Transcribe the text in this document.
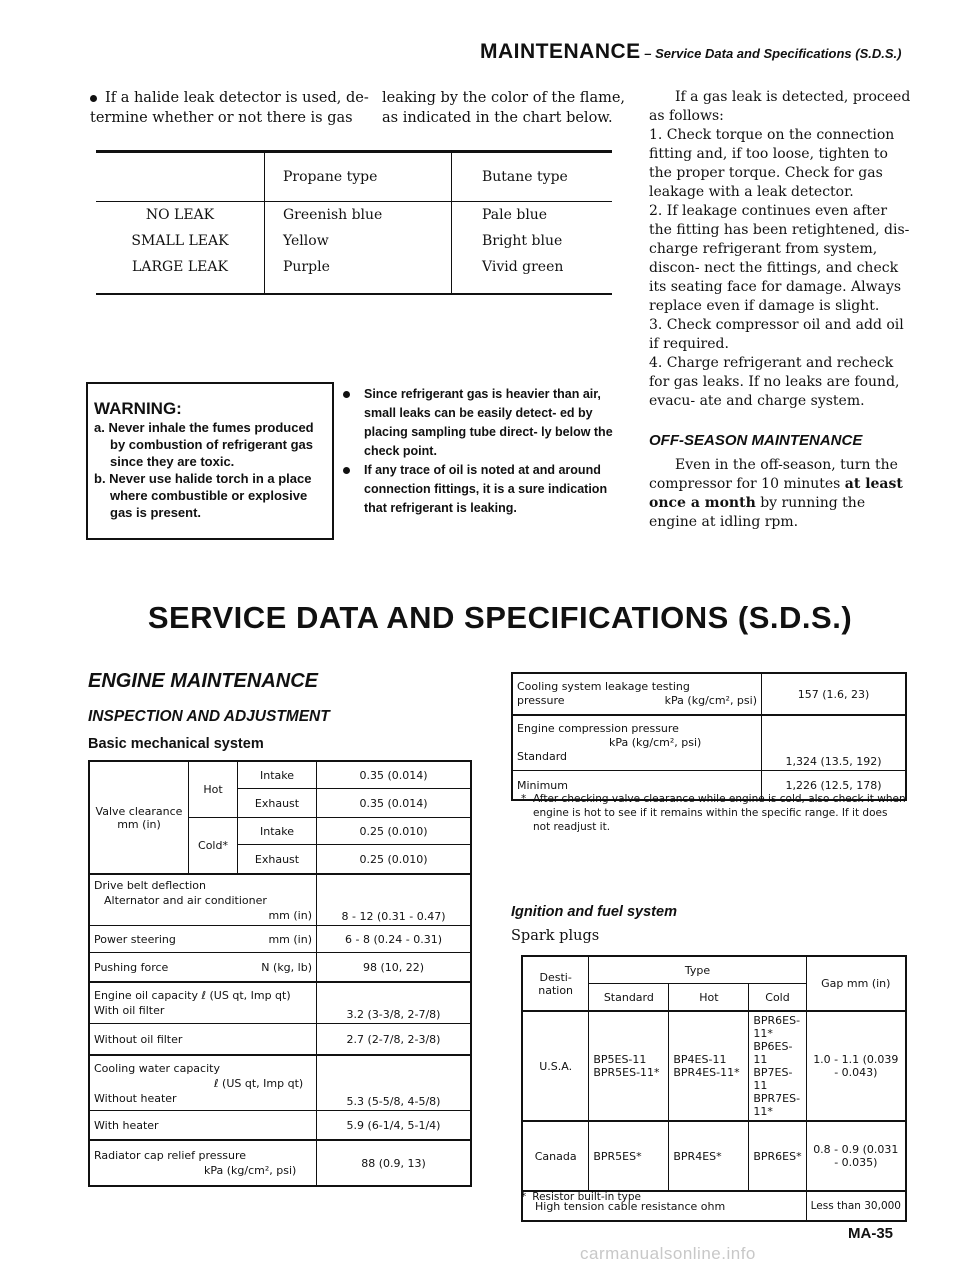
MAINTENANCE – Service Data and Specifications (S.D.S.)
If a halide leak detector is used, de- termine whether or not there is gas
leaking by the color of the flame, as indicated in the chart below.
	Propane type	Butane type
NO LEAK	Greenish blue	Pale blue
SMALL LEAK	Yellow	Bright blue
LARGE LEAK	Purple	Vivid green
WARNING:
a. Never inhale the fumes produced by combustion of refrigerant gas since they are toxic.
b. Never use halide torch in a place where combustible or explosive gas is present.
Since refrigerant gas is heavier than air, small leaks can be easily detect- ed by placing sampling tube direct- ly below the check point.
If any trace of oil is noted at and around connection fittings, it is a sure indication that refrigerant is leaking.
If a gas leak is detected, proceed as follows:
1. Check torque on the connection fitting and, if too loose, tighten to the proper torque. Check for gas leakage with a leak detector.
2. If leakage continues even after the fitting has been retightened, dis- charge refrigerant from system, discon- nect the fittings, and check its seating face for damage. Always replace even if damage is slight.
3. Check compressor oil and add oil if required.
4. Charge refrigerant and recheck for gas leaks. If no leaks are found, evacu- ate and charge system.
OFF-SEASON MAINTENANCE
Even in the off-season, turn the compressor for 10 minutes at least once a month by running the engine at idling rpm.
SERVICE DATA AND SPECIFICATIONS (S.D.S.)
ENGINE MAINTENANCE
INSPECTION AND ADJUSTMENT
Basic mechanical system
Valve clearance
mm (in)	Hot	Intake	0.35 (0.014)
		Exhaust	0.35 (0.014)
	Cold*	Intake	0.25 (0.010)
		Exhaust	0.25 (0.010)

Drive belt deflection
Alternator and air conditioner
mm (in)			8 - 12 (0.31 - 0.47)

Power steering mm (in)			6 - 8 (0.24 - 0.31)

Pushing force N (kg, lb)			98 (10, 22)

Engine oil capacity ℓ (US qt, Imp qt)
With oil filter			3.2 (3-3/8, 2-7/8)
Without oil filter			2.7 (2-7/8, 2-3/8)

Cooling water capacity
ℓ (US qt, Imp qt)
Without heater			5.3 (5-5/8, 4-5/8)
With heater			5.9 (6-1/4, 5-1/4)

Radiator cap relief pressure
kPa (kg/cm², psi)			88 (0.9, 13)
Cooling system leakage testing
pressure kPa (kg/cm², psi)	157 (1.6, 23)

Engine compression pressure
kPa (kg/cm², psi)
Standard	1,324 (13.5, 192)
Minimum	1,226 (12.5, 178)
* After checking valve clearance while engine is cold, also check it when engine is hot to see if it remains within the specific range. If it does not readjust it.
Ignition and fuel system
Spark plugs
Desti- nation	Type			Gap mm (in)
	Standard	Hot	Cold	
U.S.A.	BP5ES-11 BPR5ES-11*	BP4ES-11 BPR4ES-11*	BPR6ES-11* BP6ES-11 BP7ES-11 BPR7ES-11*	1.0 - 1.1 (0.039 - 0.043)
Canada	BPR5ES*	BPR4ES*	BPR6ES*	0.8 - 0.9 (0.031 - 0.035)
High tension cable resistance ohm				Less than 30,000
* Resistor built-in type
MA-35
carmanualsonline.info
